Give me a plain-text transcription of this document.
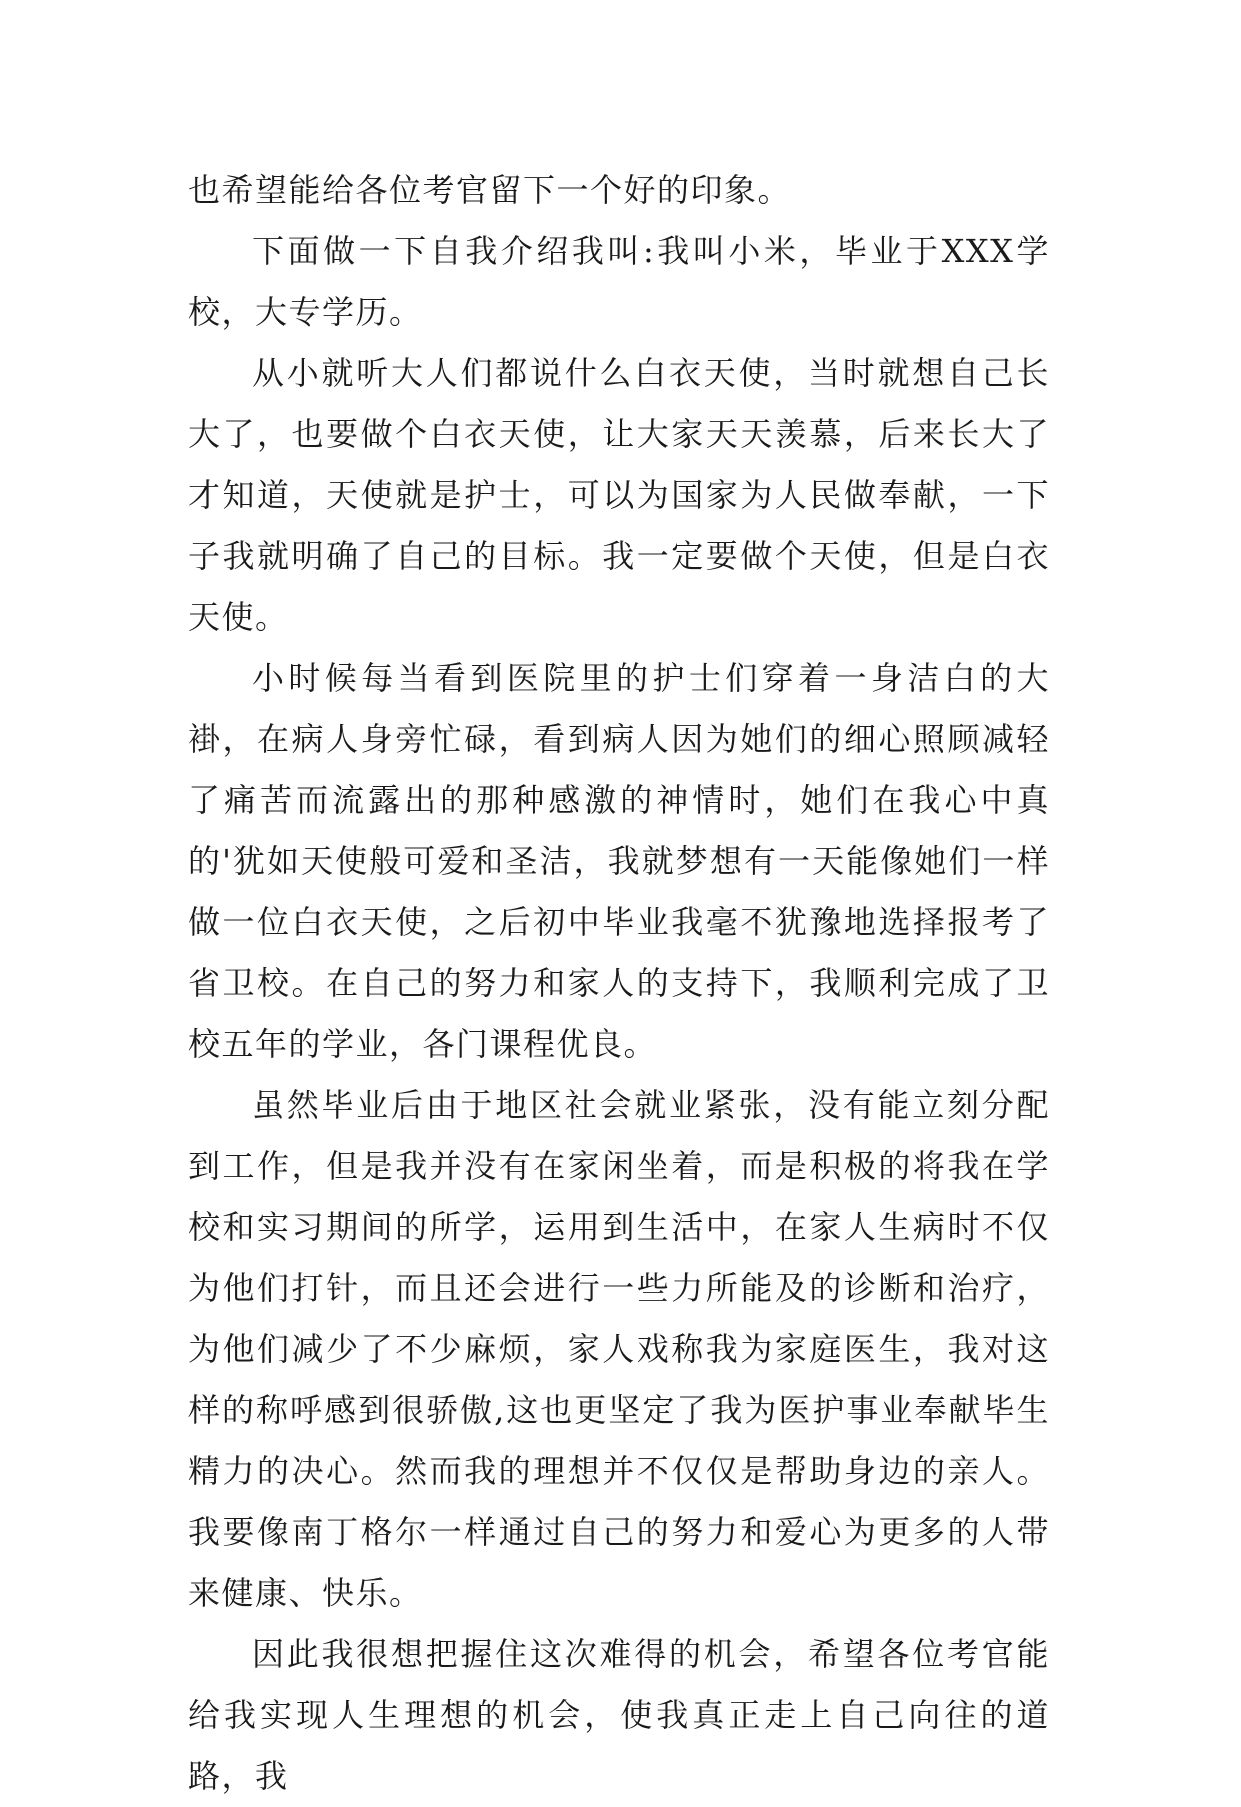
也希望能给各位考官留下一个好的印象。

下面做一下自我介绍我叫:我叫小米，毕业于XXX学校，大专学历。

从小就听大人们都说什么白衣天使，当时就想自己长大了，也要做个白衣天使，让大家天天羡慕，后来长大了才知道，天使就是护士，可以为国家为人民做奉献，一下子我就明确了自己的目标。我一定要做个天使，但是白衣天使。

小时候每当看到医院里的护士们穿着一身洁白的大褂，在病人身旁忙碌，看到病人因为她们的细心照顾减轻了痛苦而流露出的那种感激的神情时，她们在我心中真的'犹如天使般可爱和圣洁，我就梦想有一天能像她们一样做一位白衣天使，之后初中毕业我毫不犹豫地选择报考了省卫校。在自己的努力和家人的支持下，我顺利完成了卫校五年的学业，各门课程优良。

虽然毕业后由于地区社会就业紧张，没有能立刻分配到工作，但是我并没有在家闲坐着，而是积极的将我在学校和实习期间的所学，运用到生活中，在家人生病时不仅为他们打针，而且还会进行一些力所能及的诊断和治疗，为他们减少了不少麻烦，家人戏称我为家庭医生，我对这样的称呼感到很骄傲,这也更坚定了我为医护事业奉献毕生精力的决心。然而我的理想并不仅仅是帮助身边的亲人。我要像南丁格尔一样通过自己的努力和爱心为更多的人带来健康、快乐。

因此我很想把握住这次难得的机会，希望各位考官能给我实现人生理想的机会，使我真正走上自己向往的道路，我
